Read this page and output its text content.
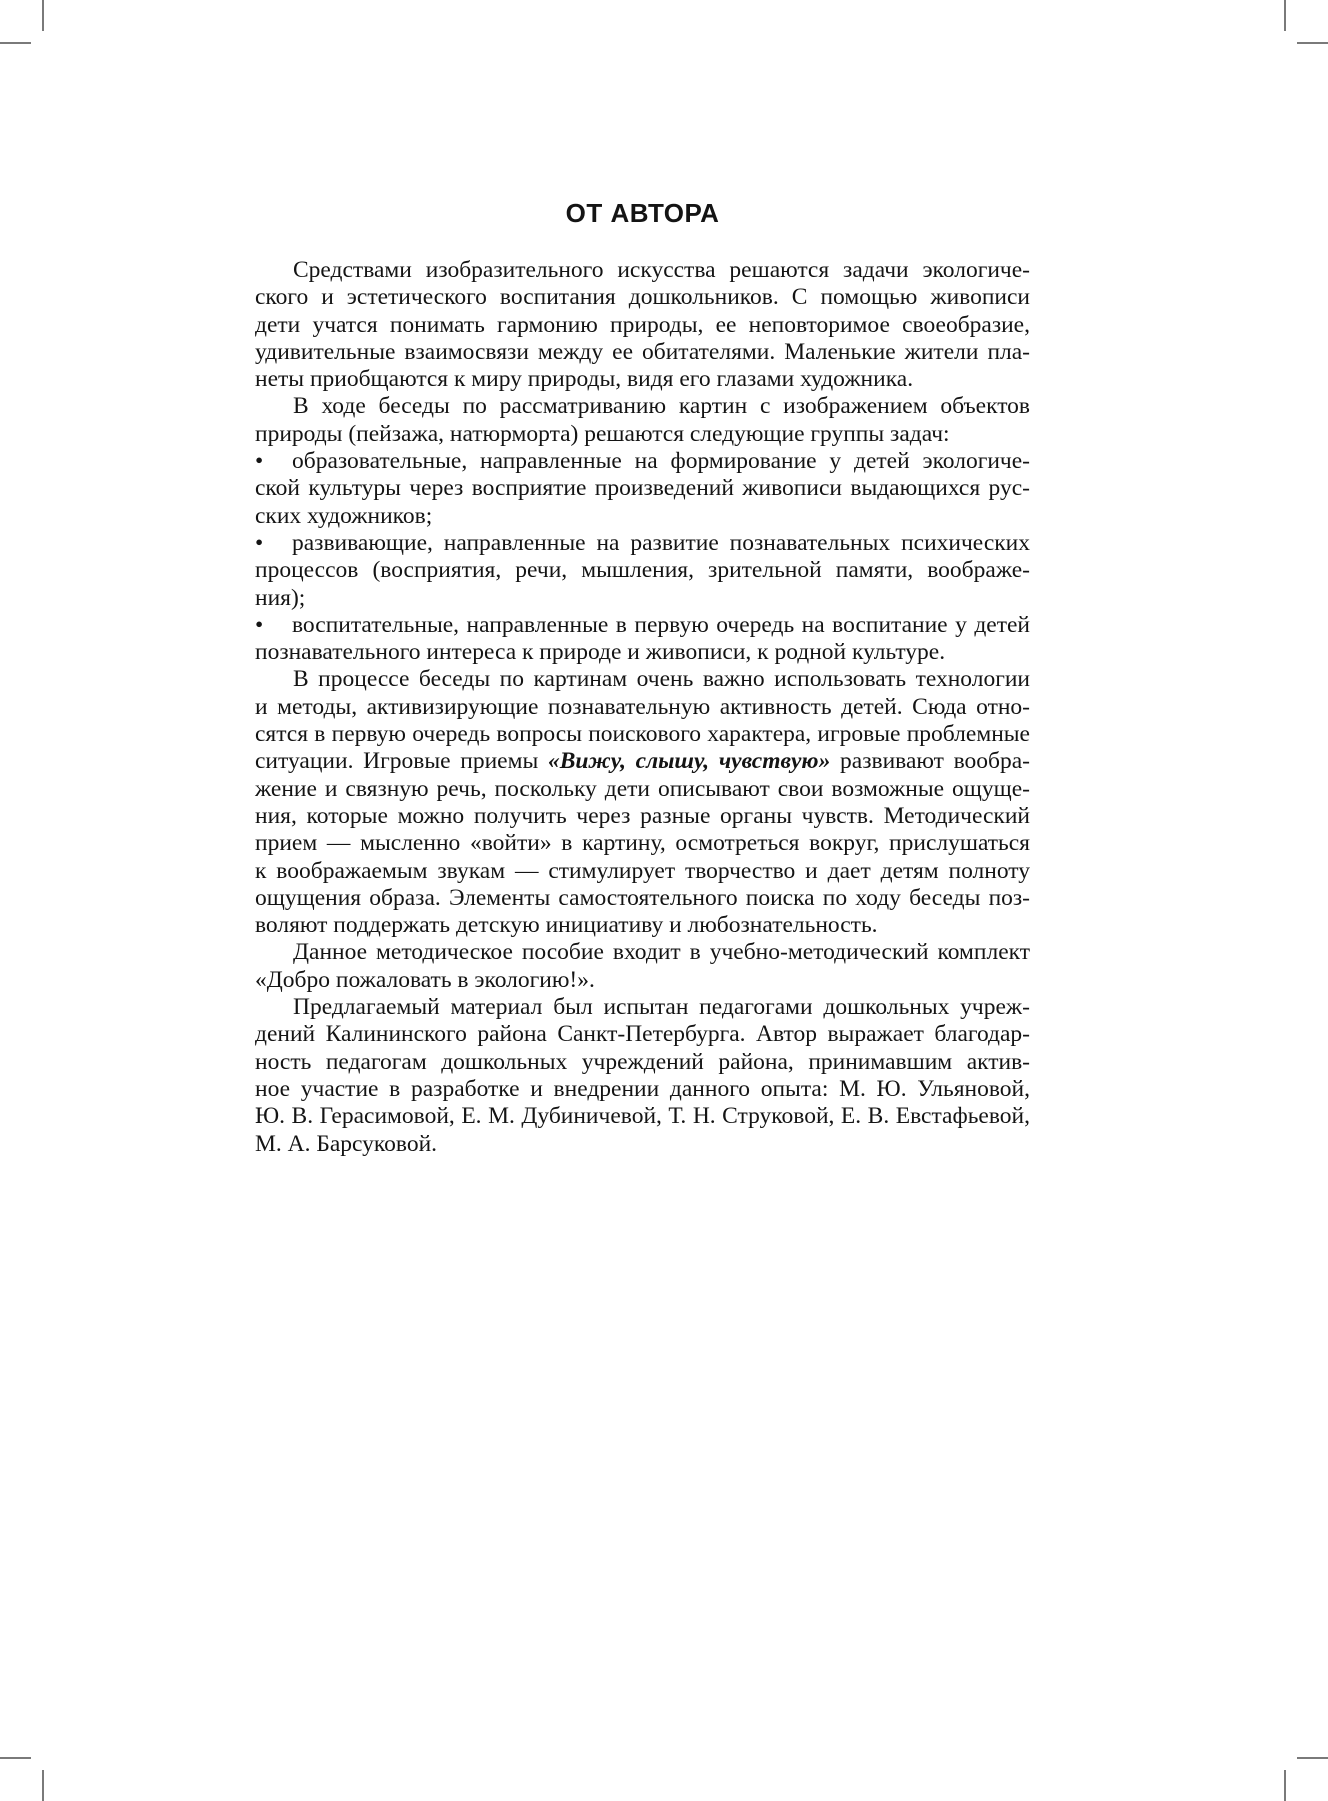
ОТ АВТОРА
Средствами изобразительного искусства решаются задачи экологиче-
ского и эстетического воспитания дошкольников. С помощью живописи
дети учатся понимать гармонию природы, ее неповторимое своеобразие,
удивительные взаимосвязи между ее обитателями. Маленькие жители пла-
неты приобщаются к миру природы, видя его глазами художника.
В ходе беседы по рассматриванию картин с изображением объектов
природы (пейзажа, натюрморта) решаются следующие группы задач:
• образовательные, направленные на формирование у детей экологиче-
ской культуры через восприятие произведений живописи выдающихся рус-
ских художников;
• развивающие, направленные на развитие познавательных психических
процессов (восприятия, речи, мышления, зрительной памяти, воображе-
ния);
• воспитательные, направленные в первую очередь на воспитание у детей
познавательного интереса к природе и живописи, к родной культуре.
В процессе беседы по картинам очень важно использовать технологии
и методы, активизирующие познавательную активность детей. Сюда отно-
сятся в первую очередь вопросы поискового характера, игровые проблемные
ситуации. Игровые приемы «Вижу, слышу, чувствую» развивают вообра-
жение и связную речь, поскольку дети описывают свои возможные ощуще-
ния, которые можно получить через разные органы чувств. Методический
прием — мысленно «войти» в картину, осмотреться вокруг, прислушаться
к воображаемым звукам — стимулирует творчество и дает детям полноту
ощущения образа. Элементы самостоятельного поиска по ходу беседы поз-
воляют поддержать детскую инициативу и любознательность.
Данное методическое пособие входит в учебно-методический комплект
«Добро пожаловать в экологию!».
Предлагаемый материал был испытан педагогами дошкольных учреж-
дений Калининского района Санкт-Петербурга. Автор выражает благодар-
ность педагогам дошкольных учреждений района, принимавшим актив-
ное участие в разработке и внедрении данного опыта: М. Ю. Ульяновой,
Ю. В. Герасимовой, Е. М. Дубиничевой, Т. Н. Струковой, Е. В. Евстафьевой,
М. А. Барсуковой.
